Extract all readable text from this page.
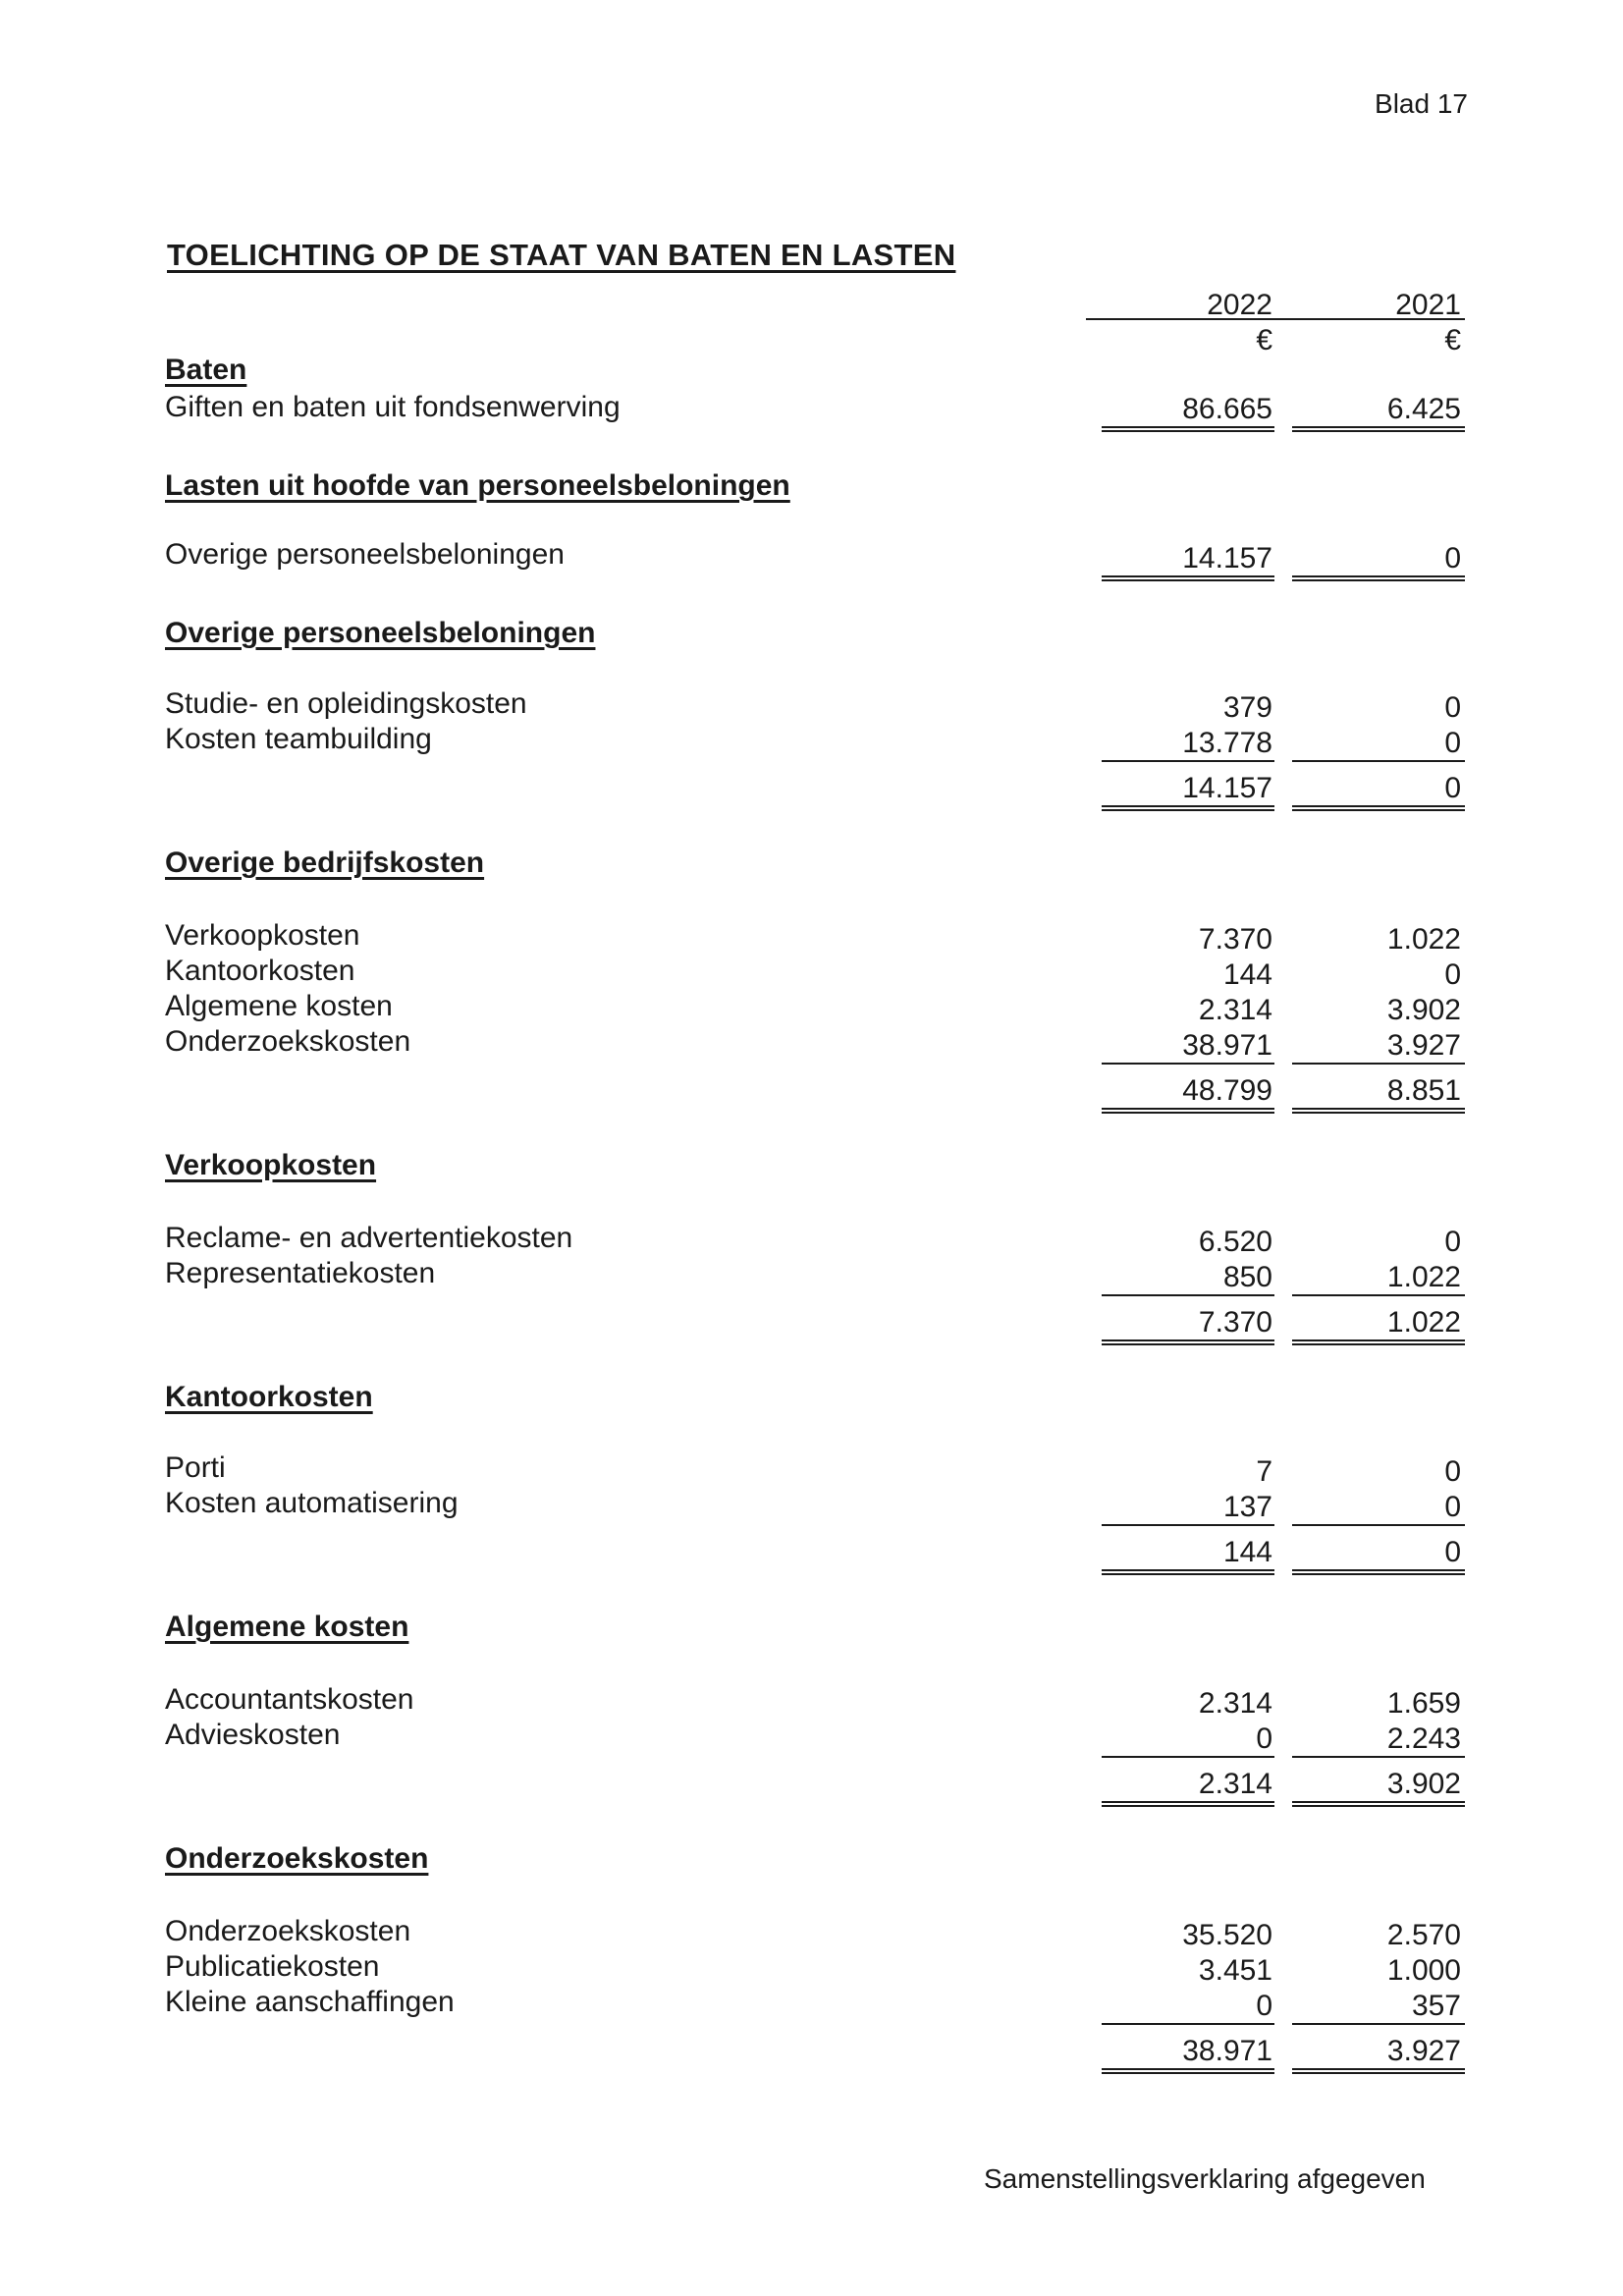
Blad 17
TOELICHTING OP DE STAAT VAN BATEN EN LASTEN
2022	2021
€	€
Baten
Giften en baten uit fondsenwerving	86.665	6.425
Lasten uit hoofde van personeelsbeloningen
Overige personeelsbeloningen	14.157	0
Overige personeelsbeloningen
Studie- en opleidingskosten	379	0
Kosten teambuilding	13.778	0
14.157	0
Overige bedrijfskosten
Verkoopkosten	7.370	1.022
Kantoorkosten	144	0
Algemene kosten	2.314	3.902
Onderzoekskosten	38.971	3.927
48.799	8.851
Verkoopkosten
Reclame- en advertentiekosten	6.520	0
Representatiekosten	850	1.022
7.370	1.022
Kantoorkosten
Porti	7	0
Kosten automatisering	137	0
144	0
Algemene kosten
Accountantskosten	2.314	1.659
Advieskosten	0	2.243
2.314	3.902
Onderzoekskosten
Onderzoekskosten	35.520	2.570
Publicatiekosten	3.451	1.000
Kleine aanschaffingen	0	357
38.971	3.927
Samenstellingsverklaring afgegeven
